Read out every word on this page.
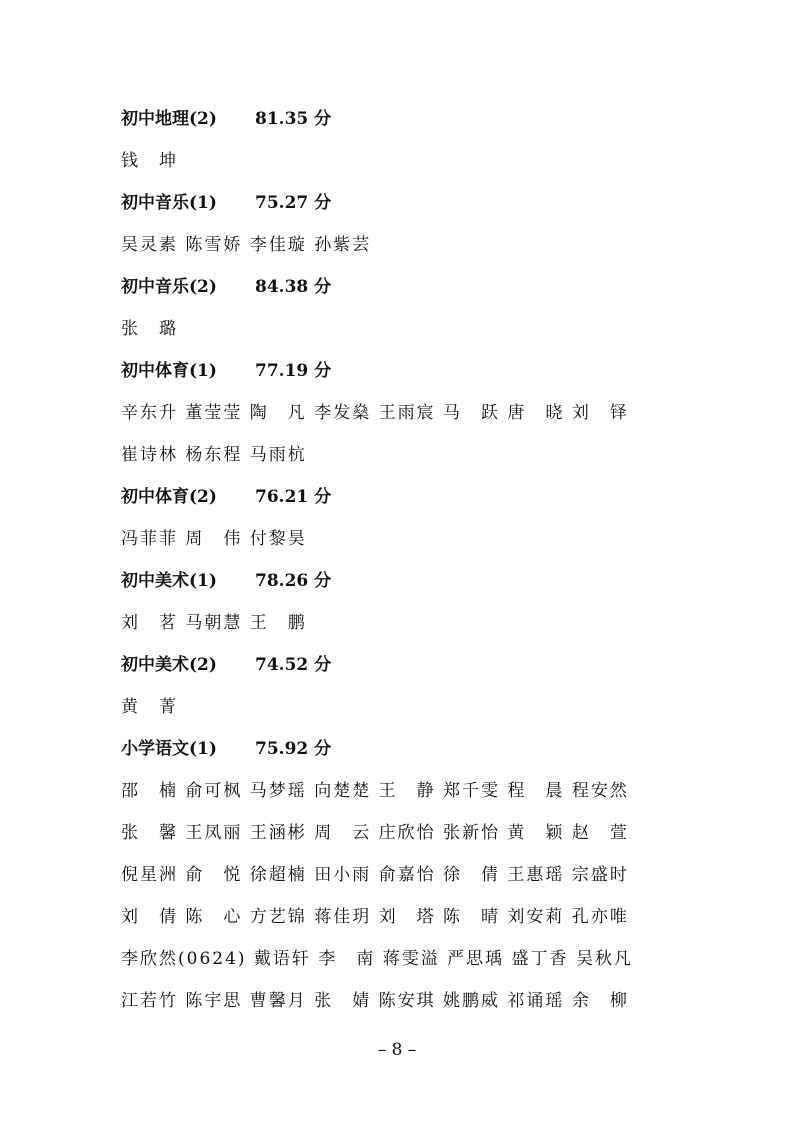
初中地理(2) 81.35 分
钱　坤
初中音乐(1) 75.27 分
吴灵素 陈雪娇 李佳璇 孙紫芸
初中音乐(2) 84.38 分
张　璐
初中体育(1) 77.19 分
辛东升 董莹莹 陶　凡 李发燊 王雨宸 马　跃 唐　晓 刘　铎
崔诗林 杨东程 马雨杭
初中体育(2) 76.21 分
冯菲菲 周　伟 付黎昊
初中美术(1) 78.26 分
刘　茗 马朝慧 王　鹏
初中美术(2) 74.52 分
黄　菁
小学语文(1) 75.92 分
邵　楠 俞可枫 马梦瑶 向楚楚 王　静 郑千雯 程　晨 程安然
张　馨 王凤丽 王涵彬 周　云 庄欣怡 张新怡 黄　颖 赵　萱
倪星洲 俞　悦 徐超楠 田小雨 俞嘉怡 徐　倩 王惠瑶 宗盛时
刘　倩 陈　心 方艺锦 蒋佳玥 刘　塔 陈　晴 刘安莉 孔亦唯
李欣然(0624) 戴语轩 李　南 蒋雯溢 严思瑀 盛丁香 吴秋凡
江若竹 陈宇思 曹馨月 张　婧 陈安琪 姚鹏威 祁诵瑶 余　柳
– 8 –
